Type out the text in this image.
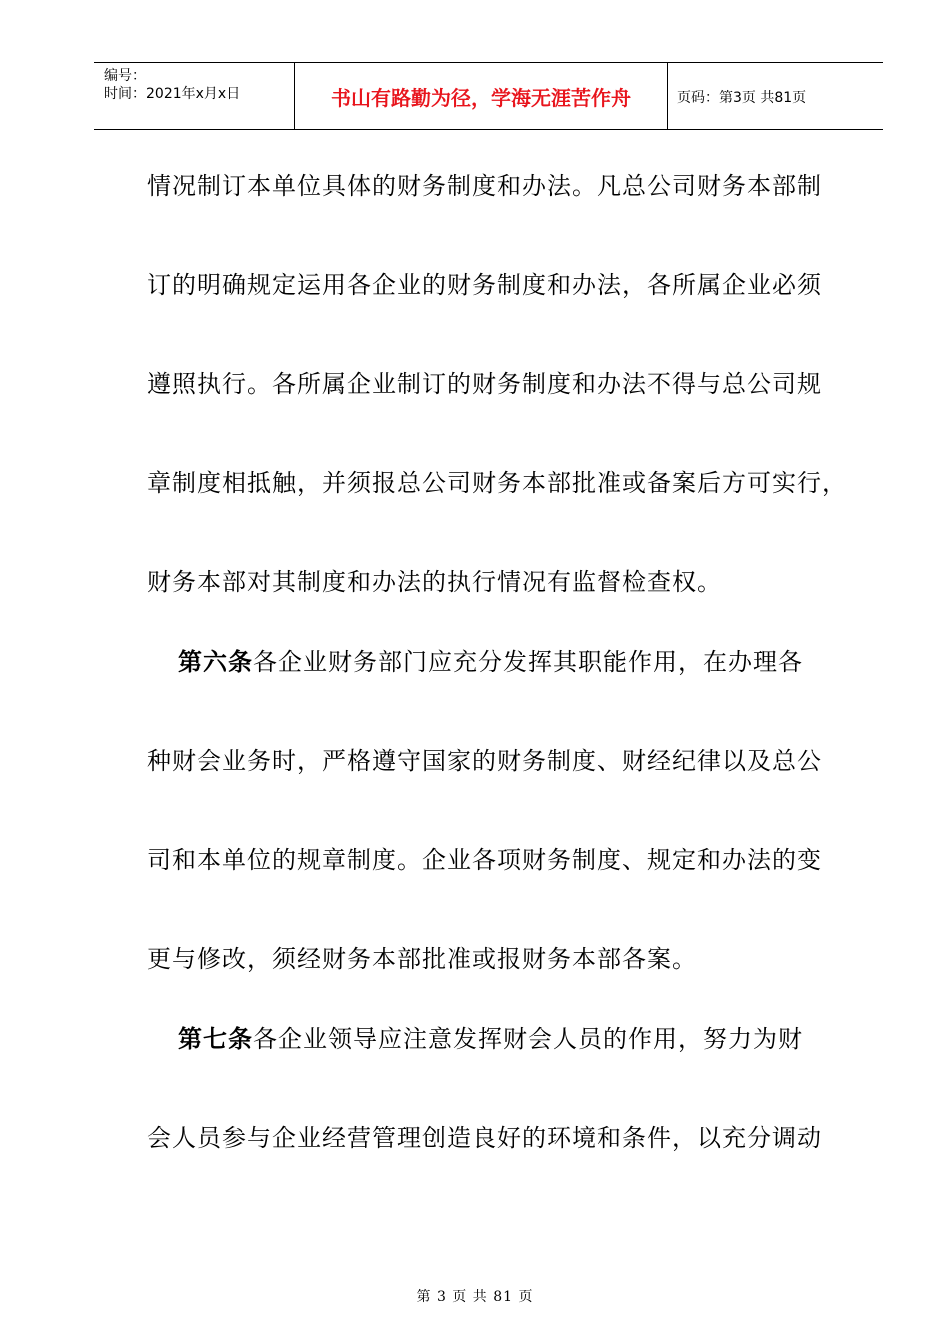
编号：
时间：2021年x月x日	书山有路勤为径，学海无涯苦作舟	页码：第3页 共81页
情况制订本单位具体的财务制度和办法。凡总公司财务本部制
订的明确规定运用各企业的财务制度和办法，各所属企业必须
遵照执行。各所属企业制订的财务制度和办法不得与总公司规
章制度相抵触，并须报总公司财务本部批准或备案后方可实行，
财务本部对其制度和办法的执行情况有监督检查权。
第六条各企业财务部门应充分发挥其职能作用，在办理各
种财会业务时，严格遵守国家的财务制度、财经纪律以及总公
司和本单位的规章制度。企业各项财务制度、规定和办法的变
更与修改，须经财务本部批准或报财务本部各案。
第七条各企业领导应注意发挥财会人员的作用，努力为财
会人员参与企业经营管理创造良好的环境和条件，以充分调动
第 3 页 共 81 页
